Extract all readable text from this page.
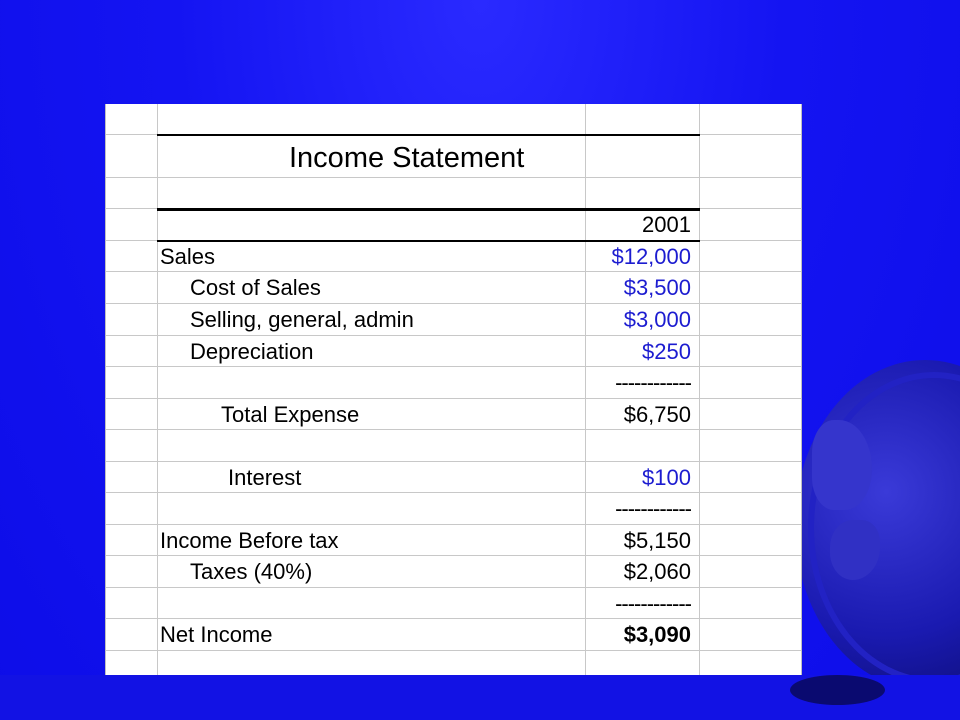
Income Statement
2001
Sales	$12,000
Cost of Sales	$3,500
Selling, general, admin	$3,000
Depreciation	$250
------------
Total Expense	$6,750
Interest	$100
------------
Income Before tax	$5,150
Taxes (40%)	$2,060
------------
Net Income	$3,090
